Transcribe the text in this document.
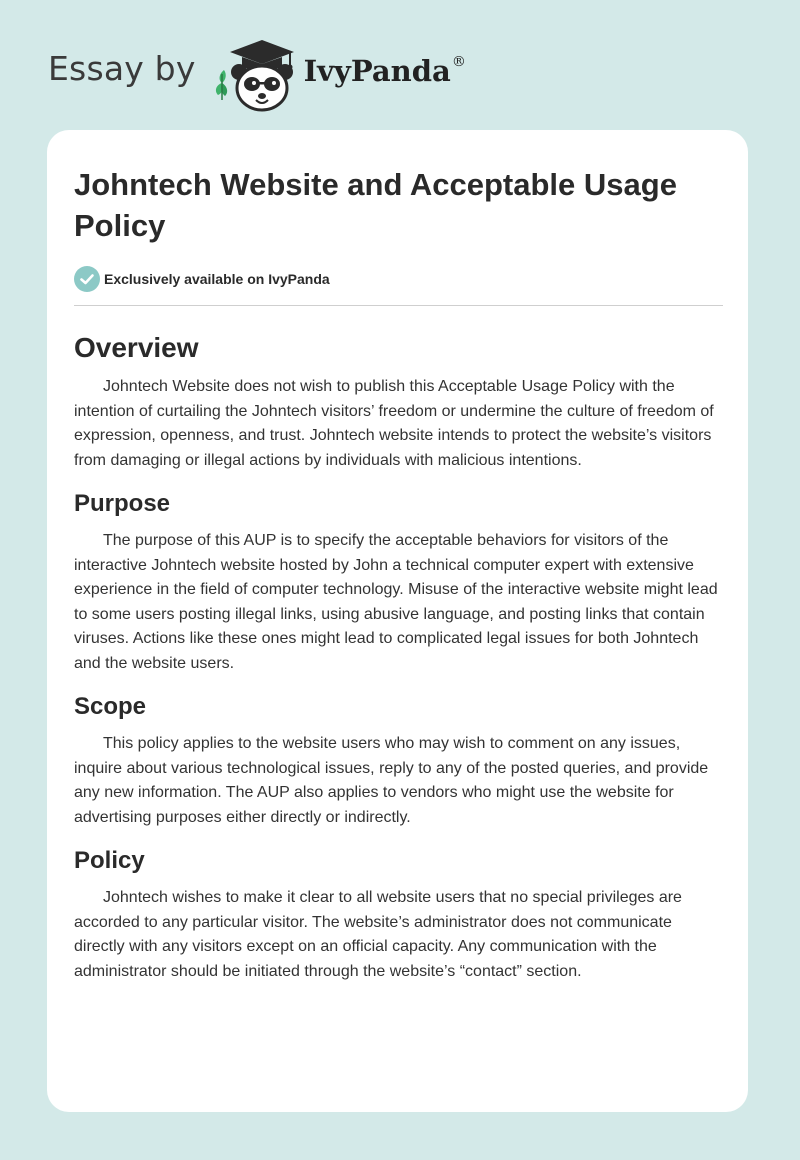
Essay by	IvyPanda®
Johntech Website and Acceptable Usage Policy
Exclusively available on IvyPanda
Overview

Johntech Website does not wish to publish this Acceptable Usage Policy with the intention of curtailing the Johntech visitors’ freedom or undermine the culture of freedom of expression, openness, and trust. Johntech website intends to protect the website’s visitors from damaging or illegal actions by individuals with malicious intentions.

Purpose

The purpose of this AUP is to specify the acceptable behaviors for visitors of the interactive Johntech website hosted by John a technical computer expert with extensive experience in the field of computer technology. Misuse of the interactive website might lead to some users posting illegal links, using abusive language, and posting links that contain viruses. Actions like these ones might lead to complicated legal issues for both Johntech and the website users.

Scope

This policy applies to the website users who may wish to comment on any issues, inquire about various technological issues, reply to any of the posted queries, and provide any new information. The AUP also applies to vendors who might use the website for advertising purposes either directly or indirectly.

Policy

Johntech wishes to make it clear to all website users that no special privileges are accorded to any particular visitor. The website’s administrator does not communicate directly with any visitors except on an official capacity. Any communication with the administrator should be initiated through the website’s “contact” section.
